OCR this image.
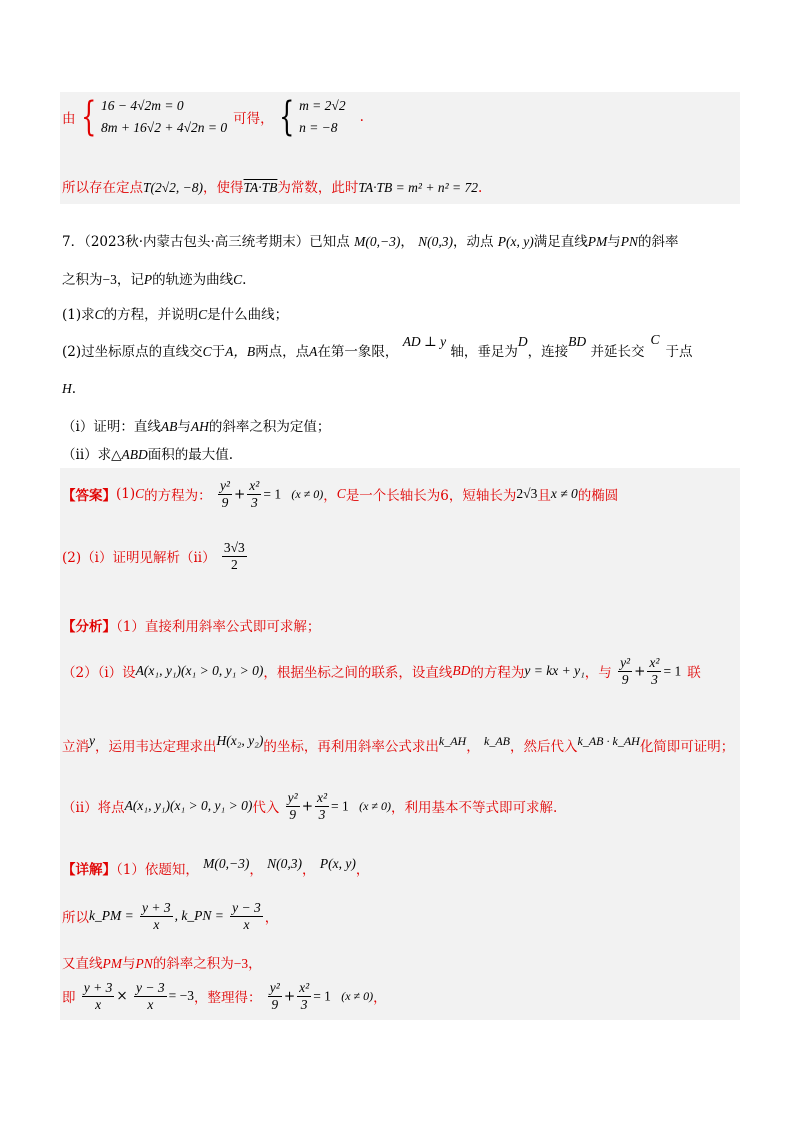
由 { 16 − 4√2m = 0
8m + 16√2 + 4√2n = 0
可得， { m = 2√2
n = −8
.
所以存在定点T(2√2, −8)，使得TA·TB为常数，此时TA·TB = m² + n² = 72.
7．（2023秋·内蒙古包头·高三统考期末）已知点 M(0,−3)， N(0,3)，动点 P(x, y)满足直线PM与PN的斜率
之积为−3，记P的轨迹为曲线C.
(1)求C的方程，并说明C是什么曲线；
(2)过坐标原点的直线交C于A，B两点，点A在第一象限， AD ⊥ y 轴，垂足为D，连接BD 并延长交C于点
H.
（i）证明：直线AB与AH的斜率之积为定值；
（ii）求△ABD面积的最大值.
【答案】(1)C的方程为： $\frac{\text{y²}}{9} + \frac{\text{x²}}{3} = 1$ (x ≠ 0)，C是一个长轴长为6，短轴长为2√3且x ≠ 0的椭圆
(2)（i）证明见解析$(ii) \frac{3√3}{2}$
【分析】（1）直接利用斜率公式即可求解；
（2）（i）设A(x₁, y₁)(x₁ > 0, y₁ > 0)，根据坐标之间的联系，设直线BD的方程为y = kx + y₁，与 $\frac{\text{y²}}{9} + \frac{\text{x²}}{3} = 1$ 联
立消y，运用韦达定理求出H(x₂, y₂)的坐标，再利用斜率公式求出k_AH， k_AB，然后代入k_AB · k_AH化简即可证明；
（ii）将点A(x₁, y₁)(x₁ > 0, y₁ > 0)代入 $\frac{\text{y²}}{9} + \frac{\text{x²}}{3} = 1$ (x ≠ 0)，利用基本不等式即可求解.
【详解】（1）依题知， M(0,−3)， N(0,3)， P(x, y)，
所以k_PM = $\frac{y + 3}{x}$ , k_PN = $\frac{y - 3}{x}$ ，
又直线PM与PN的斜率之积为−3，
即 $\frac{y + 3}{x} \times \frac{y - 3}{x} = -3$，整理得： $\frac{\text{y²}}{9} + \frac{\text{x²}}{3} = 1$ (x ≠ 0)，
